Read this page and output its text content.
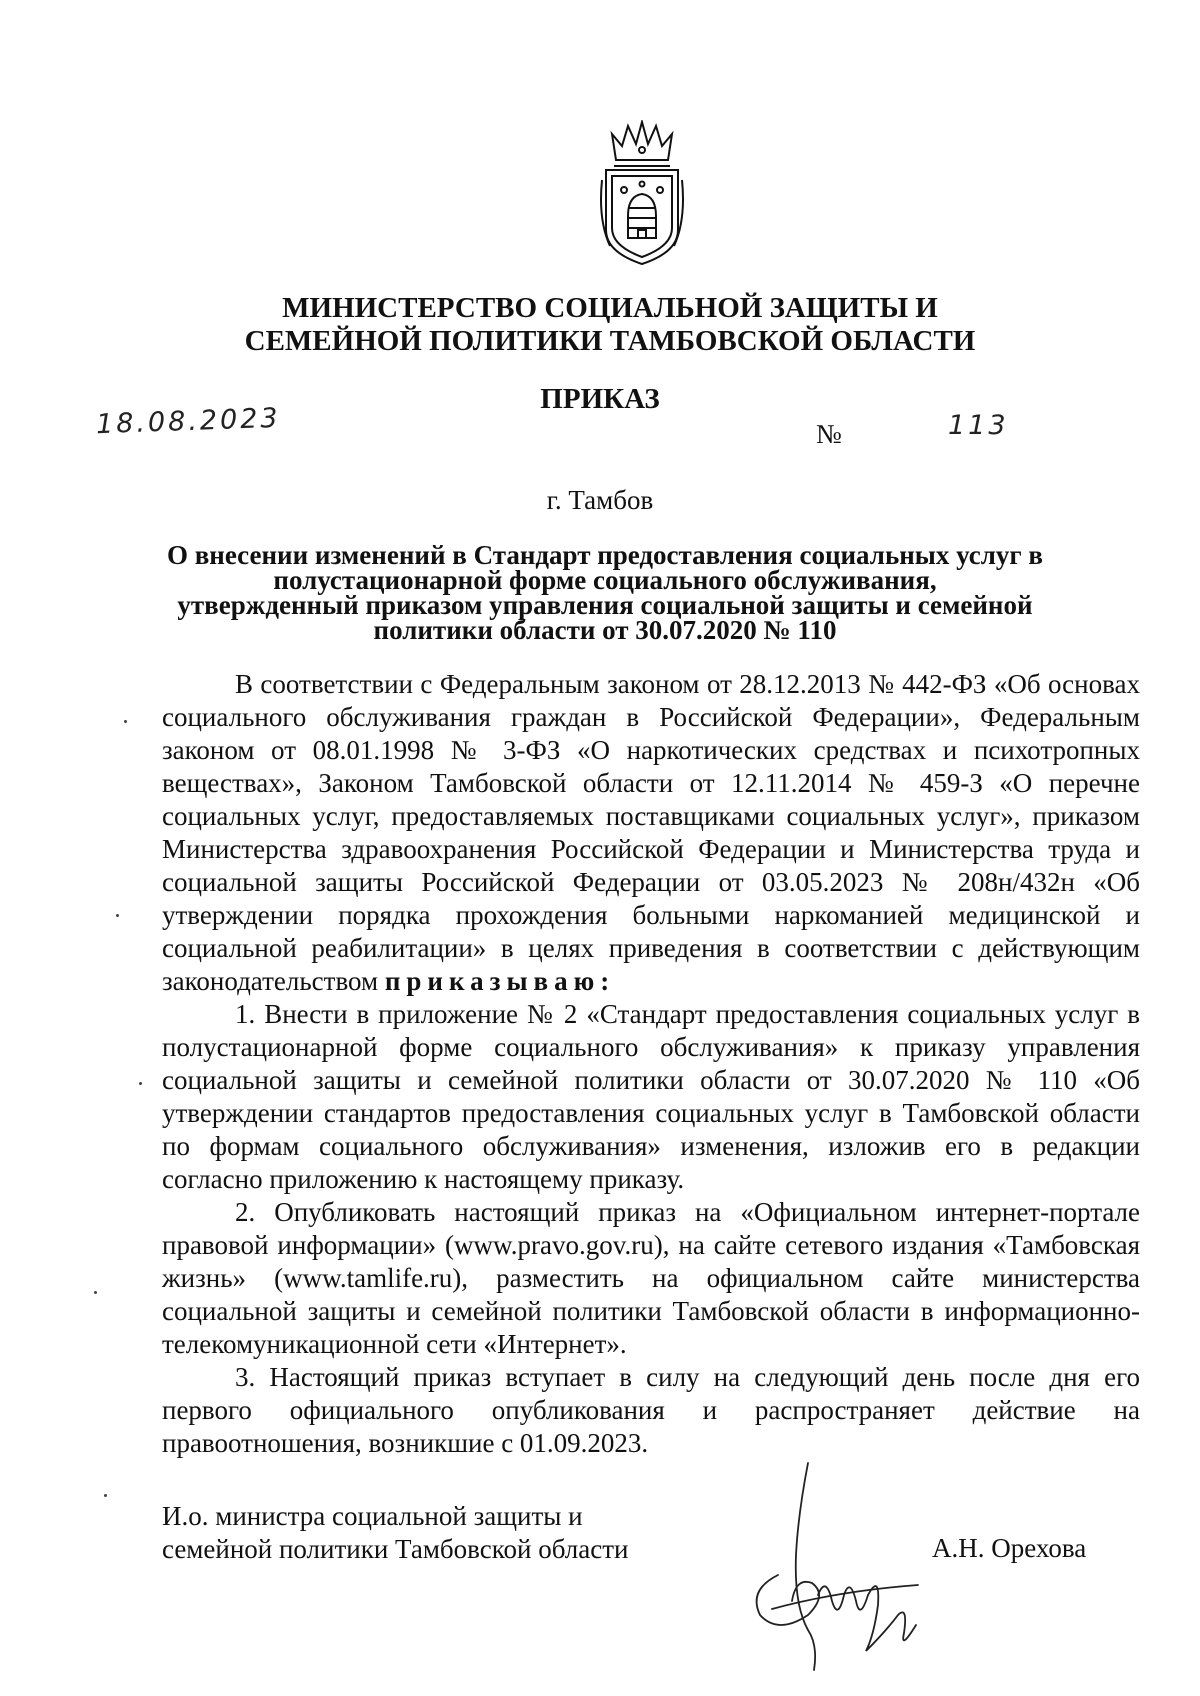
МИНИСТЕРСТВО СОЦИАЛЬНОЙ ЗАЩИТЫ И
СЕМЕЙНОЙ ПОЛИТИКИ ТАМБОВСКОЙ ОБЛАСТИ
ПРИКАЗ
18.08.2023	№	113
г. Тамбов
О внесении изменений в Стандарт предоставления социальных услуг в
полустационарной форме социального обслуживания,
утвержденный приказом управления социальной защиты и семейной
политики области от 30.07.2020 № 110

В соответствии с Федеральным законом от 28.12.2013 № 442-ФЗ «Об основах социального обслуживания граждан в Российской Федерации», Федеральным законом от 08.01.1998 № 3-ФЗ «О наркотических средствах и психотропных веществах», Законом Тамбовской области от 12.11.2014 № 459-З «О перечне социальных услуг, предоставляемых поставщиками социальных услуг», приказом Министерства здравоохранения Российской Федерации и Министерства труда и социальной защиты Российской Федерации от 03.05.2023 № 208н/432н «Об утверждении порядка прохождения больными наркоманией медицинской и социальной реабилитации» в целях приведения в соответствии с действующим законодательством приказываю:

1. Внести в приложение № 2 «Стандарт предоставления социальных услуг в полустационарной форме социального обслуживания» к приказу управления социальной защиты и семейной политики области от 30.07.2020 № 110 «Об утверждении стандартов предоставления социальных услуг в Тамбовской области по формам социального обслуживания» изменения, изложив его в редакции согласно приложению к настоящему приказу.

2. Опубликовать настоящий приказ на «Официальном интернет-портале правовой информации» (www.pravo.gov.ru), на сайте сетевого издания «Тамбовская жизнь» (www.tamlife.ru), разместить на официальном сайте министерства социальной защиты и семейной политики Тамбовской области в информационно-телекомуникационной сети «Интернет».

3. Настоящий приказ вступает в силу на следующий день после дня его первого официального опубликования и распространяет действие на правоотношения, возникшие с 01.09.2023.

И.о. министра социальной защиты и
семейной политики Тамбовской области	А.Н. Орехова
